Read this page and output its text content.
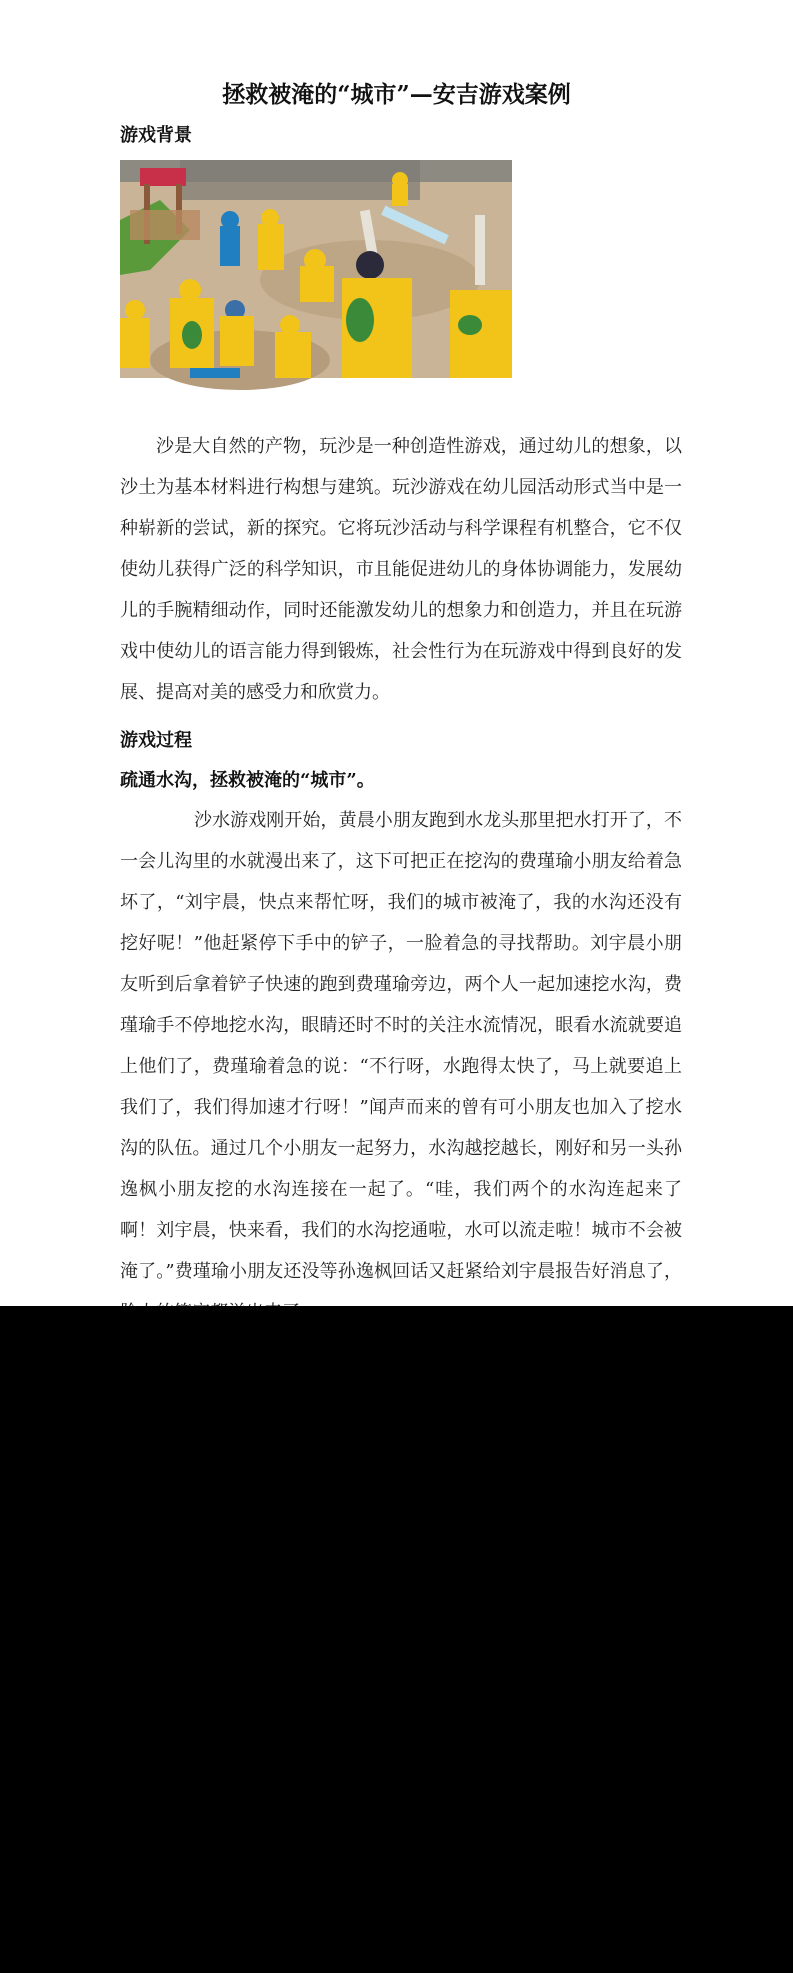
拯救被淹的“城市”—安吉游戏案例
游戏背景

沙是大自然的产物，玩沙是一种创造性游戏，通过幼儿的想象，以沙土为基本材料进行构想与建筑。玩沙游戏在幼儿园活动形式当中是一种崭新的尝试，新的探究。它将玩沙活动与科学课程有机整合，它不仅使幼儿获得广泛的科学知识，市且能促进幼儿的身体协调能力，发展幼儿的手腕精细动作，同时还能激发幼儿的想象力和创造力，并且在玩游戏中使幼儿的语言能力得到锻炼，社会性行为在玩游戏中得到良好的发展、提高对美的感受力和欣赏力。

游戏过程
疏通水沟，拯救被淹的“城市”。

沙水游戏刚开始，黄晨小朋友跑到水龙头那里把水打开了，不一会儿沟里的水就漫出来了，这下可把正在挖沟的费瑾瑜小朋友给着急坏了，“刘宇晨，快点来帮忙呀，我们的城市被淹了，我的水沟还没有挖好呢！”他赶紧停下手中的铲子，一脸着急的寻找帮助。刘宇晨小朋友听到后拿着铲子快速的跑到费瑾瑜旁边，两个人一起加速挖水沟，费瑾瑜手不停地挖水沟，眼睛还时不时的关注水流情况，眼看水流就要追上他们了，费瑾瑜着急的说：“不行呀，水跑得太快了，马上就要追上我们了，我们得加速才行呀！”闻声而来的曾有可小朋友也加入了挖水沟的队伍。通过几个小朋友一起努力，水沟越挖越长，刚好和另一头孙逸枫小朋友挖的水沟连接在一起了。“哇，我们两个的水沟连起来了啊！刘宇晨，快来看，我们的水沟挖通啦，水可以流走啦！城市不会被淹了。”费瑾瑜小朋友还没等孙逸枫回话又赶紧给刘宇晨报告好消息了，
